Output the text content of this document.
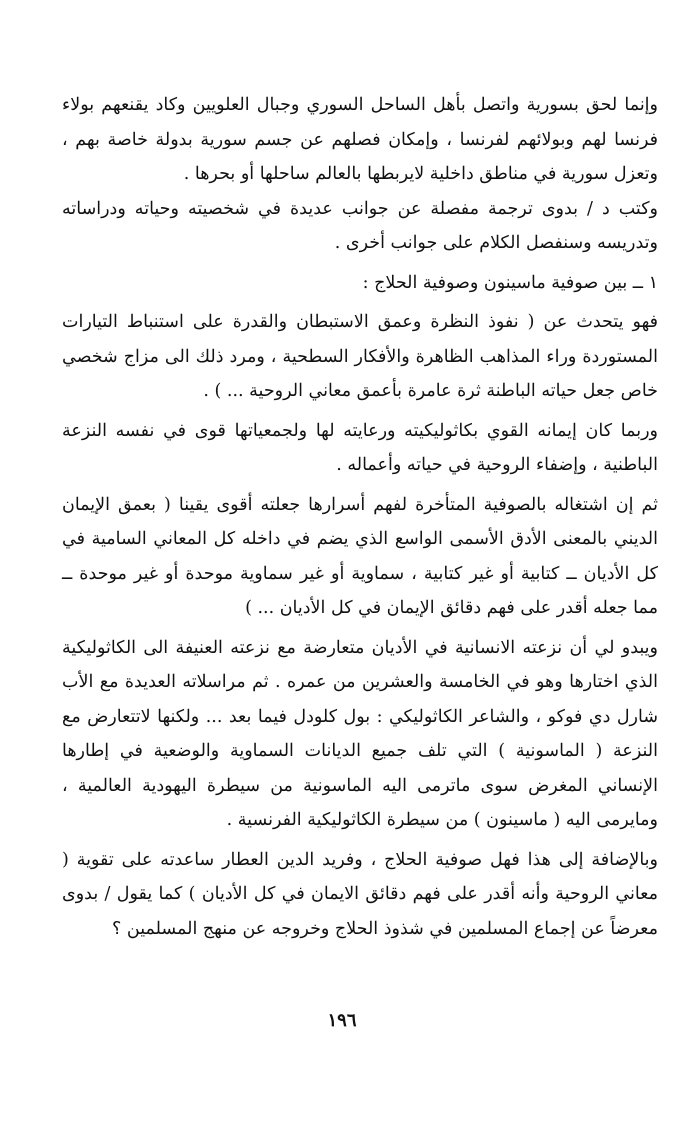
وإنما لحق بسورية واتصل بأهل الساحل السوري وجبال العلويين وكاد يقنعهم بولاء فرنسا لهم وبولائهم لفرنسا ، وإمكان فصلهم عن جسم سورية بدولة خاصة بهم ، وتعزل سورية في مناطق داخلية لايربطها بالعالم ساحلها أو بحرها .

وكتب د / بدوى ترجمة مفصلة عن جوانب عديدة في شخصيته وحياته ودراساته وتدريسه وسنفصل الكلام على جوانب أخرى .

١ ــ بين صوفية ماسينون وصوفية الحلاج :

فهو يتحدث عن ( نفوذ النظرة وعمق الاستبطان والقدرة على استنباط التيارات المستوردة وراء المذاهب الظاهرة والأفكار السطحية ، ومرد ذلك الى مزاج شخصي خاص جعل حياته الباطنة ثرة عامرة بأعمق معاني الروحية ... ) .

وربما كان إيمانه القوي بكاثوليكيته ورعايته لها ولجمعياتها قوى في نفسه النزعة الباطنية ، وإضفاء الروحية في حياته وأعماله .

ثم إن اشتغاله بالصوفية المتأخرة لفهم أسرارها جعلته أقوى يقينا ( بعمق الإيمان الديني بالمعنى الأدق الأسمى الواسع الذي يضم في داخله كل المعاني السامية في كل الأديان ــ كتابية أو غير كتابية ، سماوية أو غير سماوية موحدة أو غير موحدة ــ مما جعله أقدر على فهم دقائق الإيمان في كل الأديان ... )

ويبدو لي أن نزعته الانسانية في الأديان متعارضة مع نزعته العنيفة الى الكاثوليكية الذي اختارها وهو في الخامسة والعشرين من عمره . ثم مراسلاته العديدة مع الأب شارل دي فوكو ، والشاعر الكاثوليكي : بول كلودل فيما بعد ... ولكنها لاتتعارض مع النزعة ( الماسونية ) التي تلف جميع الديانات السماوية والوضعية في إطارها الإنساني المغرض سوى ماترمى اليه الماسونية من سيطرة اليهودية العالمية ، ومايرمى اليه ( ماسينون ) من سيطرة الكاثوليكية الفرنسية .

وبالإضافة إلى هذا فهل صوفية الحلاج ، وفريد الدين العطار ساعدته على تقوية ( معاني الروحية وأنه أقدر على فهم دقائق الايمان في كل الأديان ) كما يقول / بدوى معرضاً عن إجماع المسلمين في شذوذ الحلاج وخروجه عن منهج المسلمين ؟

١٩٦
